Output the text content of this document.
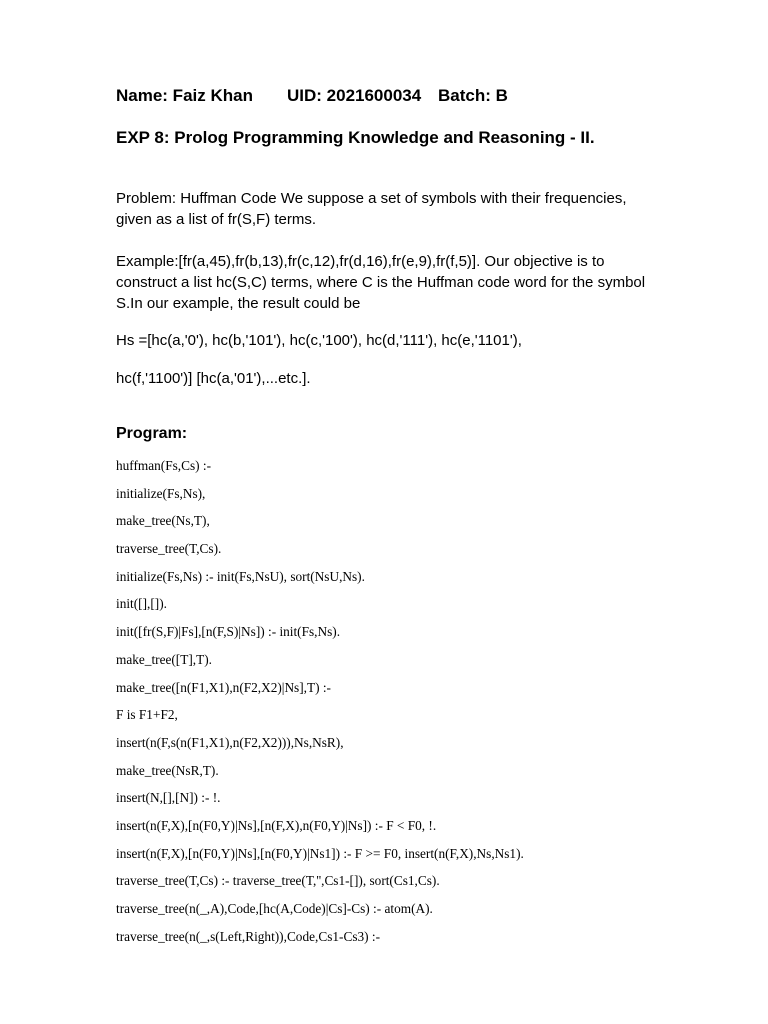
Name: Faiz Khan UID: 2021600034 Batch: B
EXP 8: Prolog Programming Knowledge and Reasoning - II.

Problem: Huffman Code We suppose a set of symbols with their frequencies, given as a list of fr(S,F) terms.

Example:[fr(a,45),fr(b,13),fr(c,12),fr(d,16),fr(e,9),fr(f,5)]. Our objective is to construct a list hc(S,C) terms, where C is the Huffman code word for the symbol S.In our example, the result could be

Hs =[hc(a,'0'), hc(b,'101'), hc(c,'100'), hc(d,'111'), hc(e,'1101'),

hc(f,'1100')] [hc(a,'01'),...etc.].

Program:
huffman(Fs,Cs) :-
initialize(Fs,Ns),
make_tree(Ns,T),
traverse_tree(T,Cs).
initialize(Fs,Ns) :- init(Fs,NsU), sort(NsU,Ns).
init([],[]).
init([fr(S,F)|Fs],[n(F,S)|Ns]) :- init(Fs,Ns).
make_tree([T],T).
make_tree([n(F1,X1),n(F2,X2)|Ns],T) :-
F is F1+F2,
insert(n(F,s(n(F1,X1),n(F2,X2))),Ns,NsR),
make_tree(NsR,T).
insert(N,[],[N]) :- !.
insert(n(F,X),[n(F0,Y)|Ns],[n(F,X),n(F0,Y)|Ns]) :- F < F0, !.
insert(n(F,X),[n(F0,Y)|Ns],[n(F0,Y)|Ns1]) :- F >= F0, insert(n(F,X),Ns,Ns1).
traverse_tree(T,Cs) :- traverse_tree(T,'',Cs1-[]), sort(Cs1,Cs).
traverse_tree(n(_,A),Code,[hc(A,Code)|Cs]-Cs) :- atom(A).
traverse_tree(n(_,s(Left,Right)),Code,Cs1-Cs3) :-
